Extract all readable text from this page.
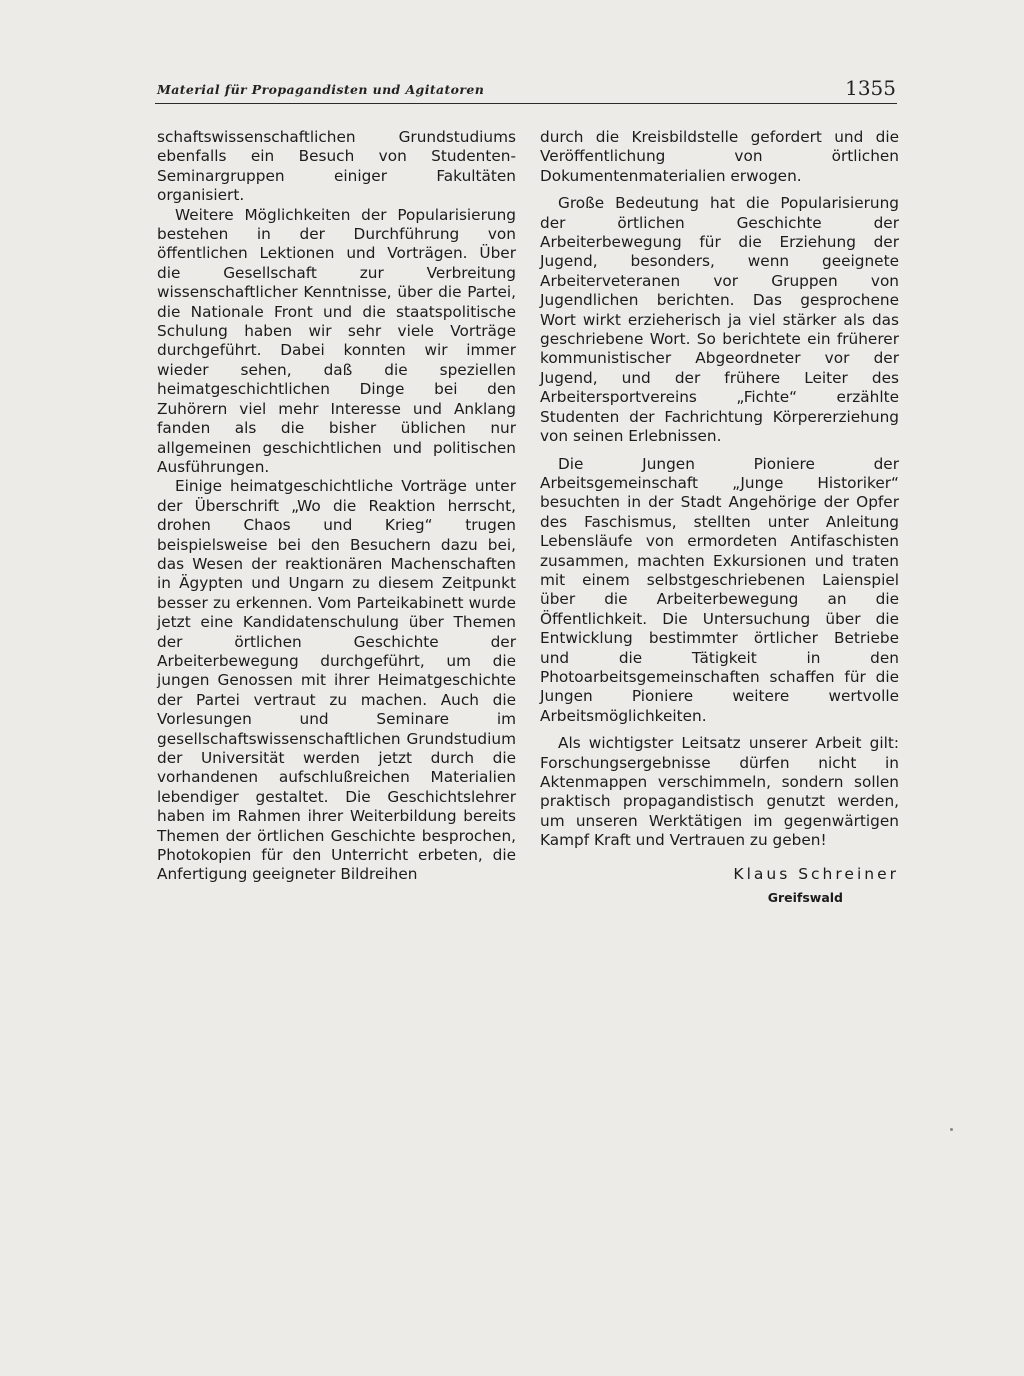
Material für Propagandisten und Agitatoren	1355

schaftswissenschaftlichen Grundstudiums ebenfalls ein Besuch von Studenten-Seminargruppen einiger Fakultäten organisiert.

Weitere Möglichkeiten der Popularisierung bestehen in der Durchführung von öffentlichen Lektionen und Vorträgen. Über die Gesellschaft zur Verbreitung wissenschaftlicher Kenntnisse, über die Partei, die Nationale Front und die staatspolitische Schulung haben wir sehr viele Vorträge durchgeführt. Dabei konnten wir immer wieder sehen, daß die speziellen heimatgeschichtlichen Dinge bei den Zuhörern viel mehr Interesse und Anklang fanden als die bisher üblichen nur allgemeinen geschichtlichen und politischen Ausführungen.

Einige heimatgeschichtliche Vorträge unter der Überschrift „Wo die Reaktion herrscht, drohen Chaos und Krieg“ trugen beispielsweise bei den Besuchern dazu bei, das Wesen der reaktionären Machenschaften in Ägypten und Ungarn zu diesem Zeitpunkt besser zu erkennen. Vom Parteikabinett wurde jetzt eine Kandidatenschulung über Themen der örtlichen Geschichte der Arbeiterbewegung durchgeführt, um die jungen Genossen mit ihrer Heimatgeschichte der Partei vertraut zu machen. Auch die Vorlesungen und Seminare im gesellschaftswissenschaftlichen Grundstudium der Universität werden jetzt durch die vorhandenen aufschlußreichen Materialien lebendiger gestaltet. Die Geschichtslehrer haben im Rahmen ihrer Weiterbildung bereits Themen der örtlichen Geschichte besprochen, Photokopien für den Unterricht erbeten, die Anfertigung geeigneter Bildreihen

durch die Kreisbildstelle gefordert und die Veröffentlichung von örtlichen Dokumentenmaterialien erwogen.

Große Bedeutung hat die Popularisierung der örtlichen Geschichte der Arbeiterbewegung für die Erziehung der Jugend, besonders, wenn geeignete Arbeiterveteranen vor Gruppen von Jugendlichen berichten. Das gesprochene Wort wirkt erzieherisch ja viel stärker als das geschriebene Wort. So berichtete ein früherer kommunistischer Abgeordneter vor der Jugend, und der frühere Leiter des Arbeitersportvereins „Fichte“ erzählte Studenten der Fachrichtung Körpererziehung von seinen Erlebnissen.

Die Jungen Pioniere der Arbeitsgemeinschaft „Junge Historiker“ besuchten in der Stadt Angehörige der Opfer des Faschismus, stellten unter Anleitung Lebensläufe von ermordeten Antifaschisten zusammen, machten Exkursionen und traten mit einem selbstgeschriebenen Laienspiel über die Arbeiterbewegung an die Öffentlichkeit. Die Untersuchung über die Entwicklung bestimmter örtlicher Betriebe und die Tätigkeit in den Photoarbeitsgemeinschaften schaffen für die Jungen Pioniere weitere wertvolle Arbeitsmöglichkeiten.

Als wichtigster Leitsatz unserer Arbeit gilt: Forschungsergebnisse dürfen nicht in Aktenmappen verschimmeln, sondern sollen praktisch propagandistisch genutzt werden, um unseren Werktätigen im gegenwärtigen Kampf Kraft und Vertrauen zu geben!

Klaus Schreiner
Greifswald
